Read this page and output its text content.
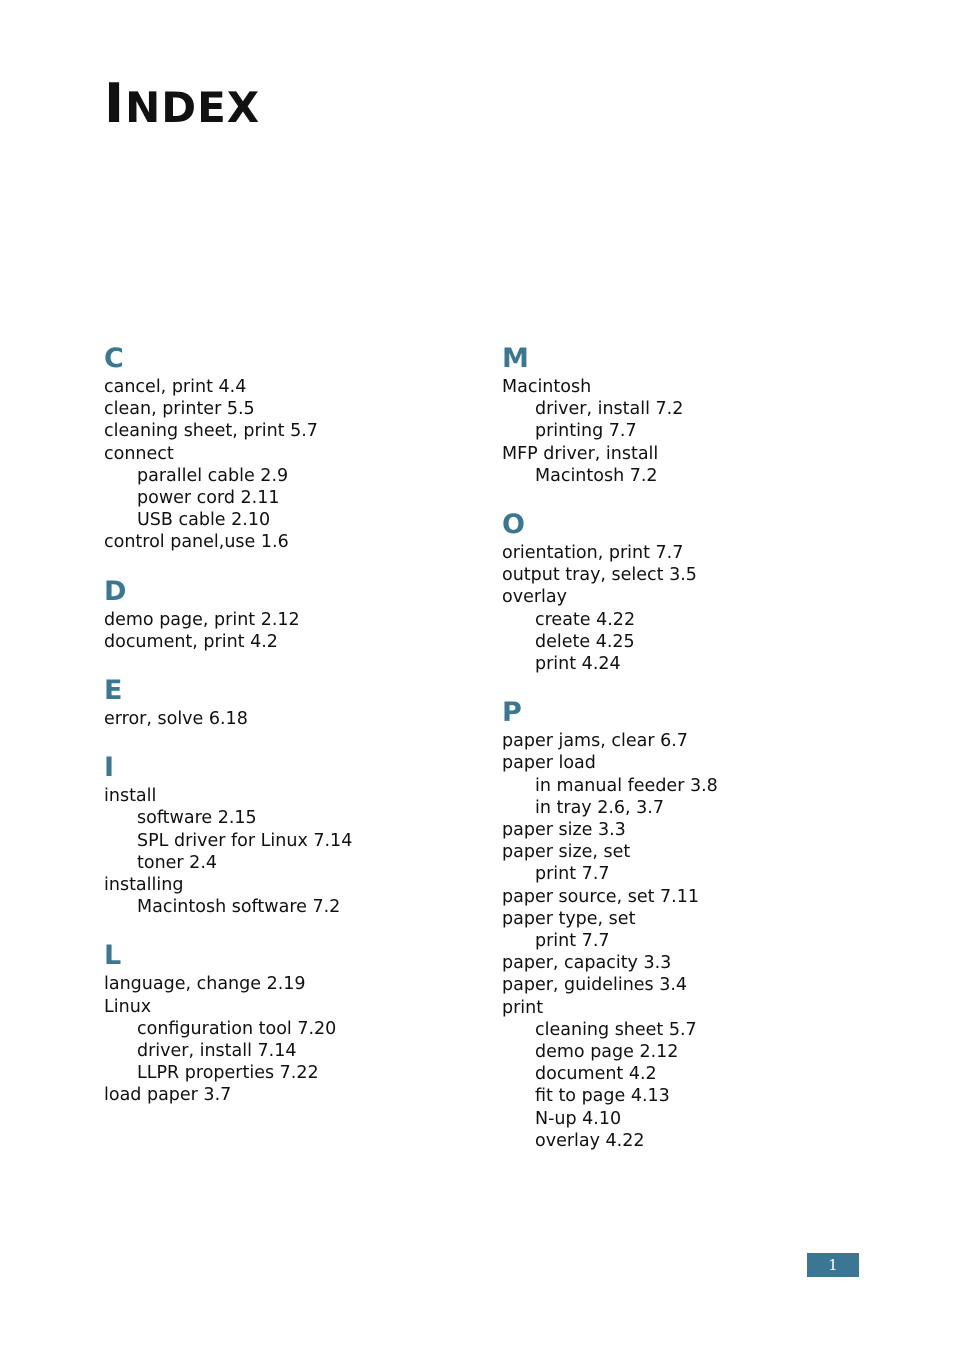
INDEX
C
cancel, print 4.4
clean, printer 5.5
cleaning sheet, print 5.7
connect
parallel cable 2.9
power cord 2.11
USB cable 2.10
control panel,use 1.6
D
demo page, print 2.12
document, print 4.2
E
error, solve 6.18
I
install
software 2.15
SPL driver for Linux 7.14
toner 2.4
installing
Macintosh software 7.2
L
language, change 2.19
Linux
configuration tool 7.20
driver, install 7.14
LLPR properties 7.22
load paper 3.7
M
Macintosh
driver, install 7.2
printing 7.7
MFP driver, install
Macintosh 7.2
O
orientation, print 7.7
output tray, select 3.5
overlay
create 4.22
delete 4.25
print 4.24
P
paper jams, clear 6.7
paper load
in manual feeder 3.8
in tray 2.6, 3.7
paper size 3.3
paper size, set
print 7.7
paper source, set 7.11
paper type, set
print 7.7
paper, capacity 3.3
paper, guidelines 3.4
print
cleaning sheet 5.7
demo page 2.12
document 4.2
fit to page 4.13
N-up 4.10
overlay 4.22
1
